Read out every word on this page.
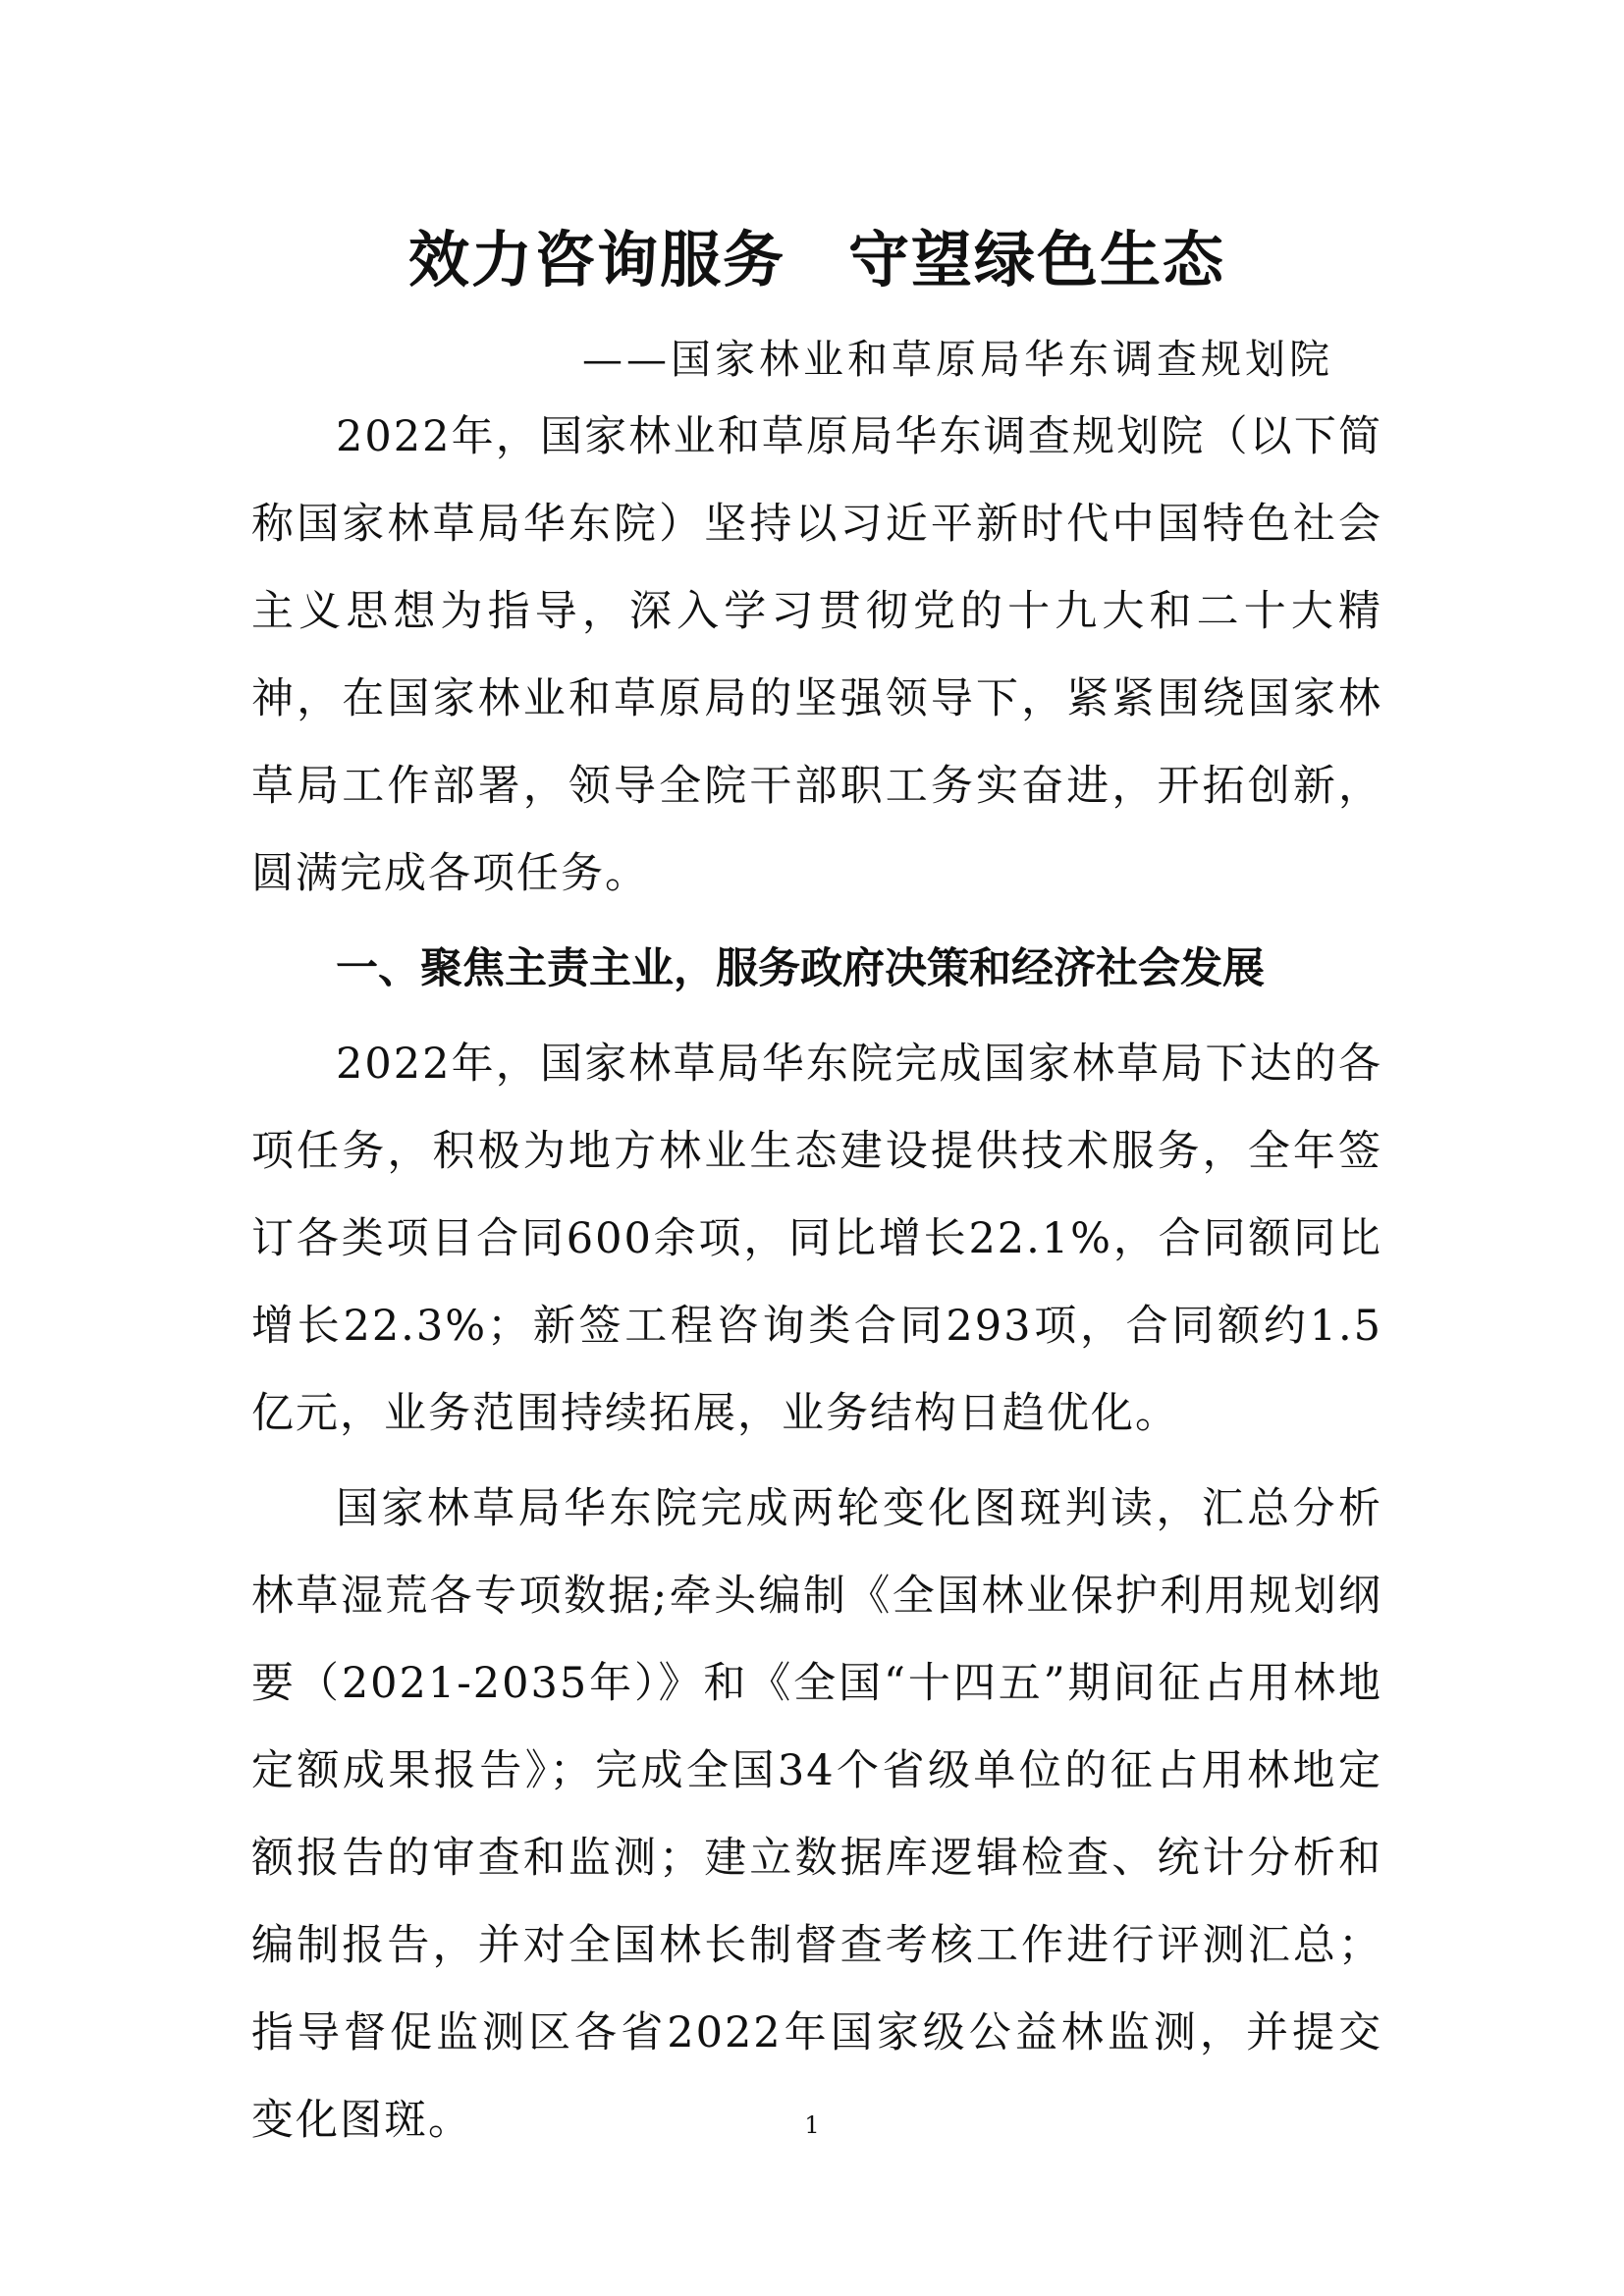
效力咨询服务　守望绿色生态
——国家林业和草原局华东调查规划院

2022年，国家林业和草原局华东调查规划院（以下简称国家林草局华东院）坚持以习近平新时代中国特色社会主义思想为指导，深入学习贯彻党的十九大和二十大精神，在国家林业和草原局的坚强领导下，紧紧围绕国家林草局工作部署，领导全院干部职工务实奋进，开拓创新，圆满完成各项任务。

一、聚焦主责主业，服务政府决策和经济社会发展

2022年，国家林草局华东院完成国家林草局下达的各项任务，积极为地方林业生态建设提供技术服务，全年签订各类项目合同600余项，同比增长22.1%，合同额同比增长22.3%；新签工程咨询类合同293项，合同额约1.5亿元，业务范围持续拓展，业务结构日趋优化。

国家林草局华东院完成两轮变化图斑判读，汇总分析林草湿荒各专项数据;牵头编制《全国林业保护利用规划纲要（2021-2035年）》和《全国“十四五”期间征占用林地定额成果报告》；完成全国34个省级单位的征占用林地定额报告的审查和监测；建立数据库逻辑检查、统计分析和编制报告，并对全国林长制督查考核工作进行评测汇总；指导督促监测区各省2022年国家级公益林监测，并提交变化图斑。	1
